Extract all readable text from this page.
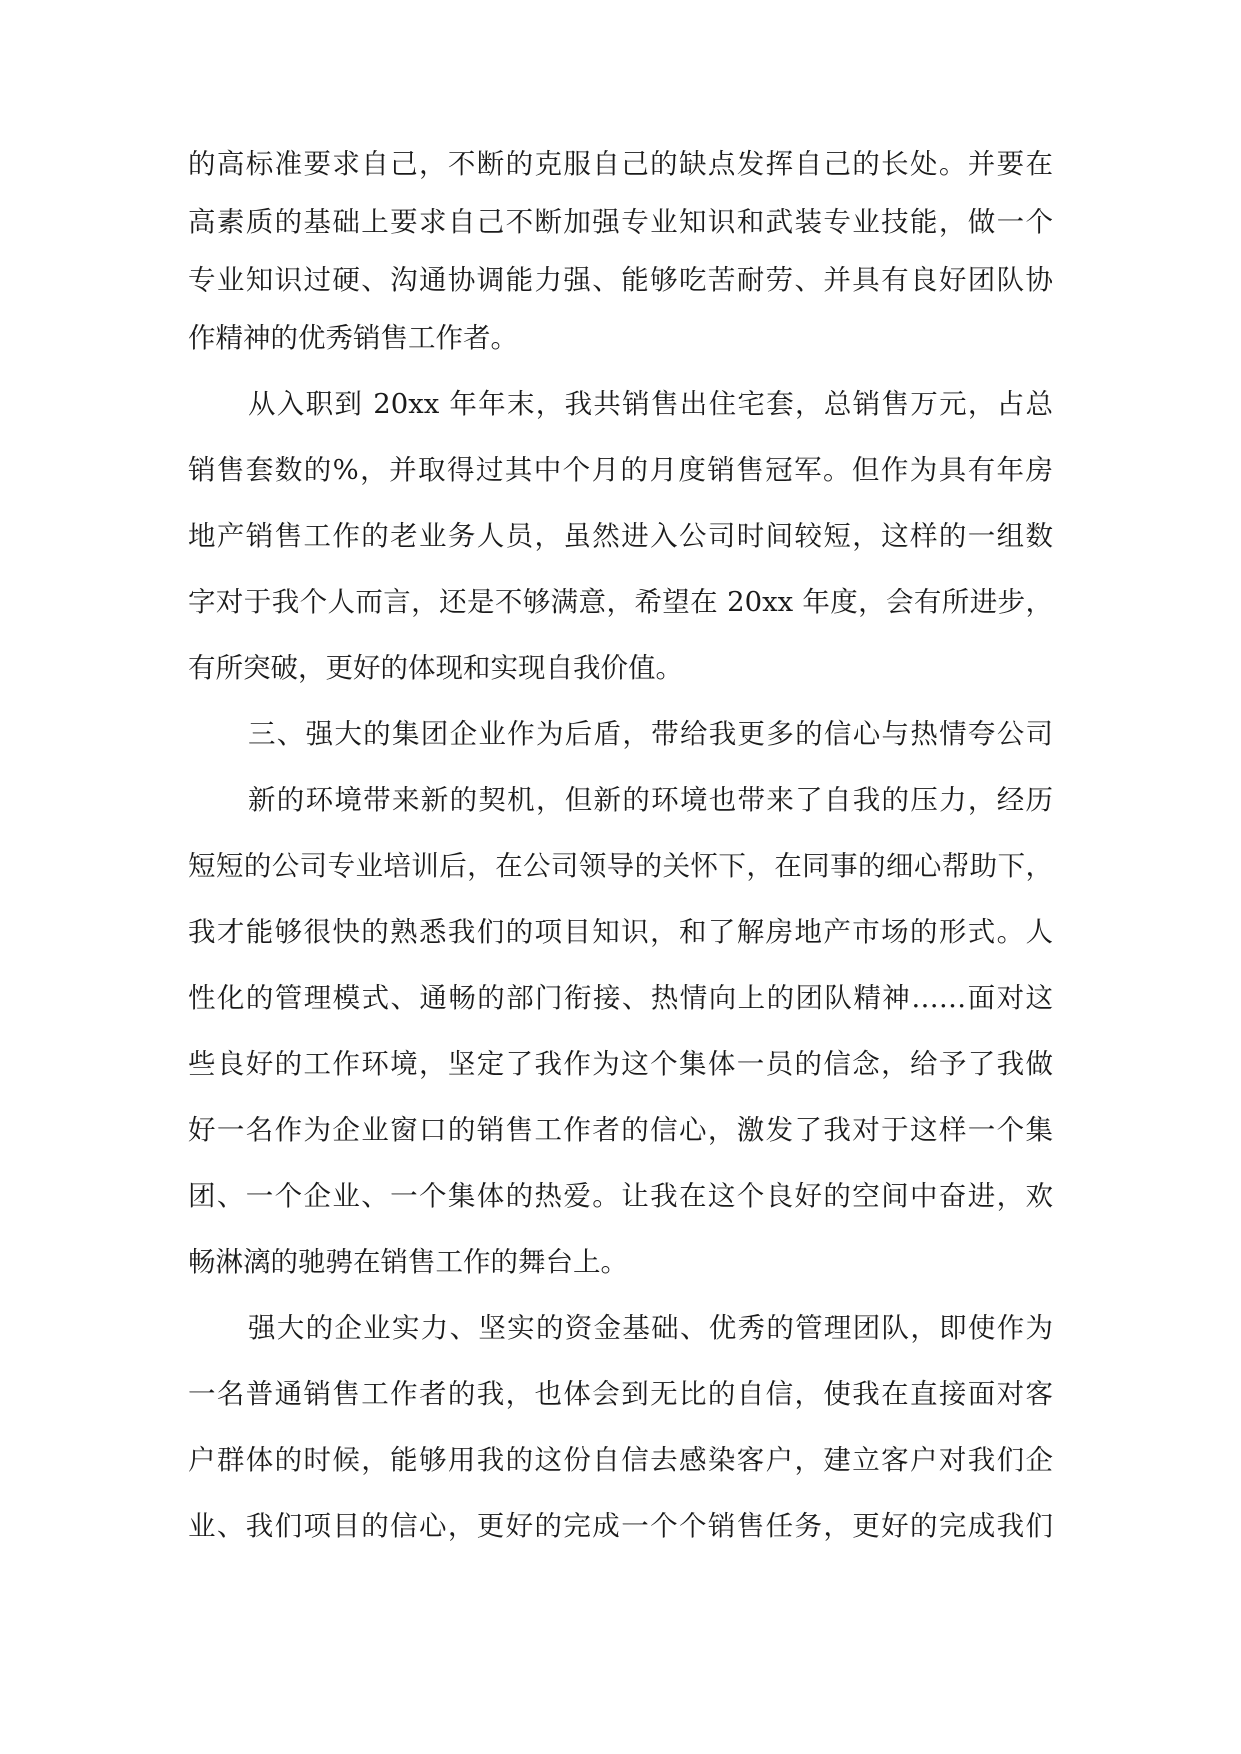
的高标准要求自己，不断的克服自己的缺点发挥自己的长处。并要在
高素质的基础上要求自己不断加强专业知识和武装专业技能，做一个
专业知识过硬、沟通协调能力强、能够吃苦耐劳、并具有良好团队协
作精神的优秀销售工作者。
从入职到 20xx 年年末，我共销售出住宅套，总销售万元，占总
销售套数的%，并取得过其中个月的月度销售冠军。但作为具有年房
地产销售工作的老业务人员，虽然进入公司时间较短，这样的一组数
字对于我个人而言，还是不够满意，希望在 20xx 年度，会有所进步，
有所突破，更好的体现和实现自我价值。
三、强大的集团企业作为后盾，带给我更多的信心与热情夸公司
新的环境带来新的契机，但新的环境也带来了自我的压力，经历
短短的公司专业培训后，在公司领导的关怀下，在同事的细心帮助下，
我才能够很快的熟悉我们的项目知识，和了解房地产市场的形式。人
性化的管理模式、通畅的部门衔接、热情向上的团队精神……面对这
些良好的工作环境，坚定了我作为这个集体一员的信念，给予了我做
好一名作为企业窗口的销售工作者的信心，激发了我对于这样一个集
团、一个企业、一个集体的热爱。让我在这个良好的空间中奋进，欢
畅淋漓的驰骋在销售工作的舞台上。
强大的企业实力、坚实的资金基础、优秀的管理团队，即使作为
一名普通销售工作者的我，也体会到无比的自信，使我在直接面对客
户群体的时候，能够用我的这份自信去感染客户，建立客户对我们企
业、我们项目的信心，更好的完成一个个销售任务，更好的完成我们
